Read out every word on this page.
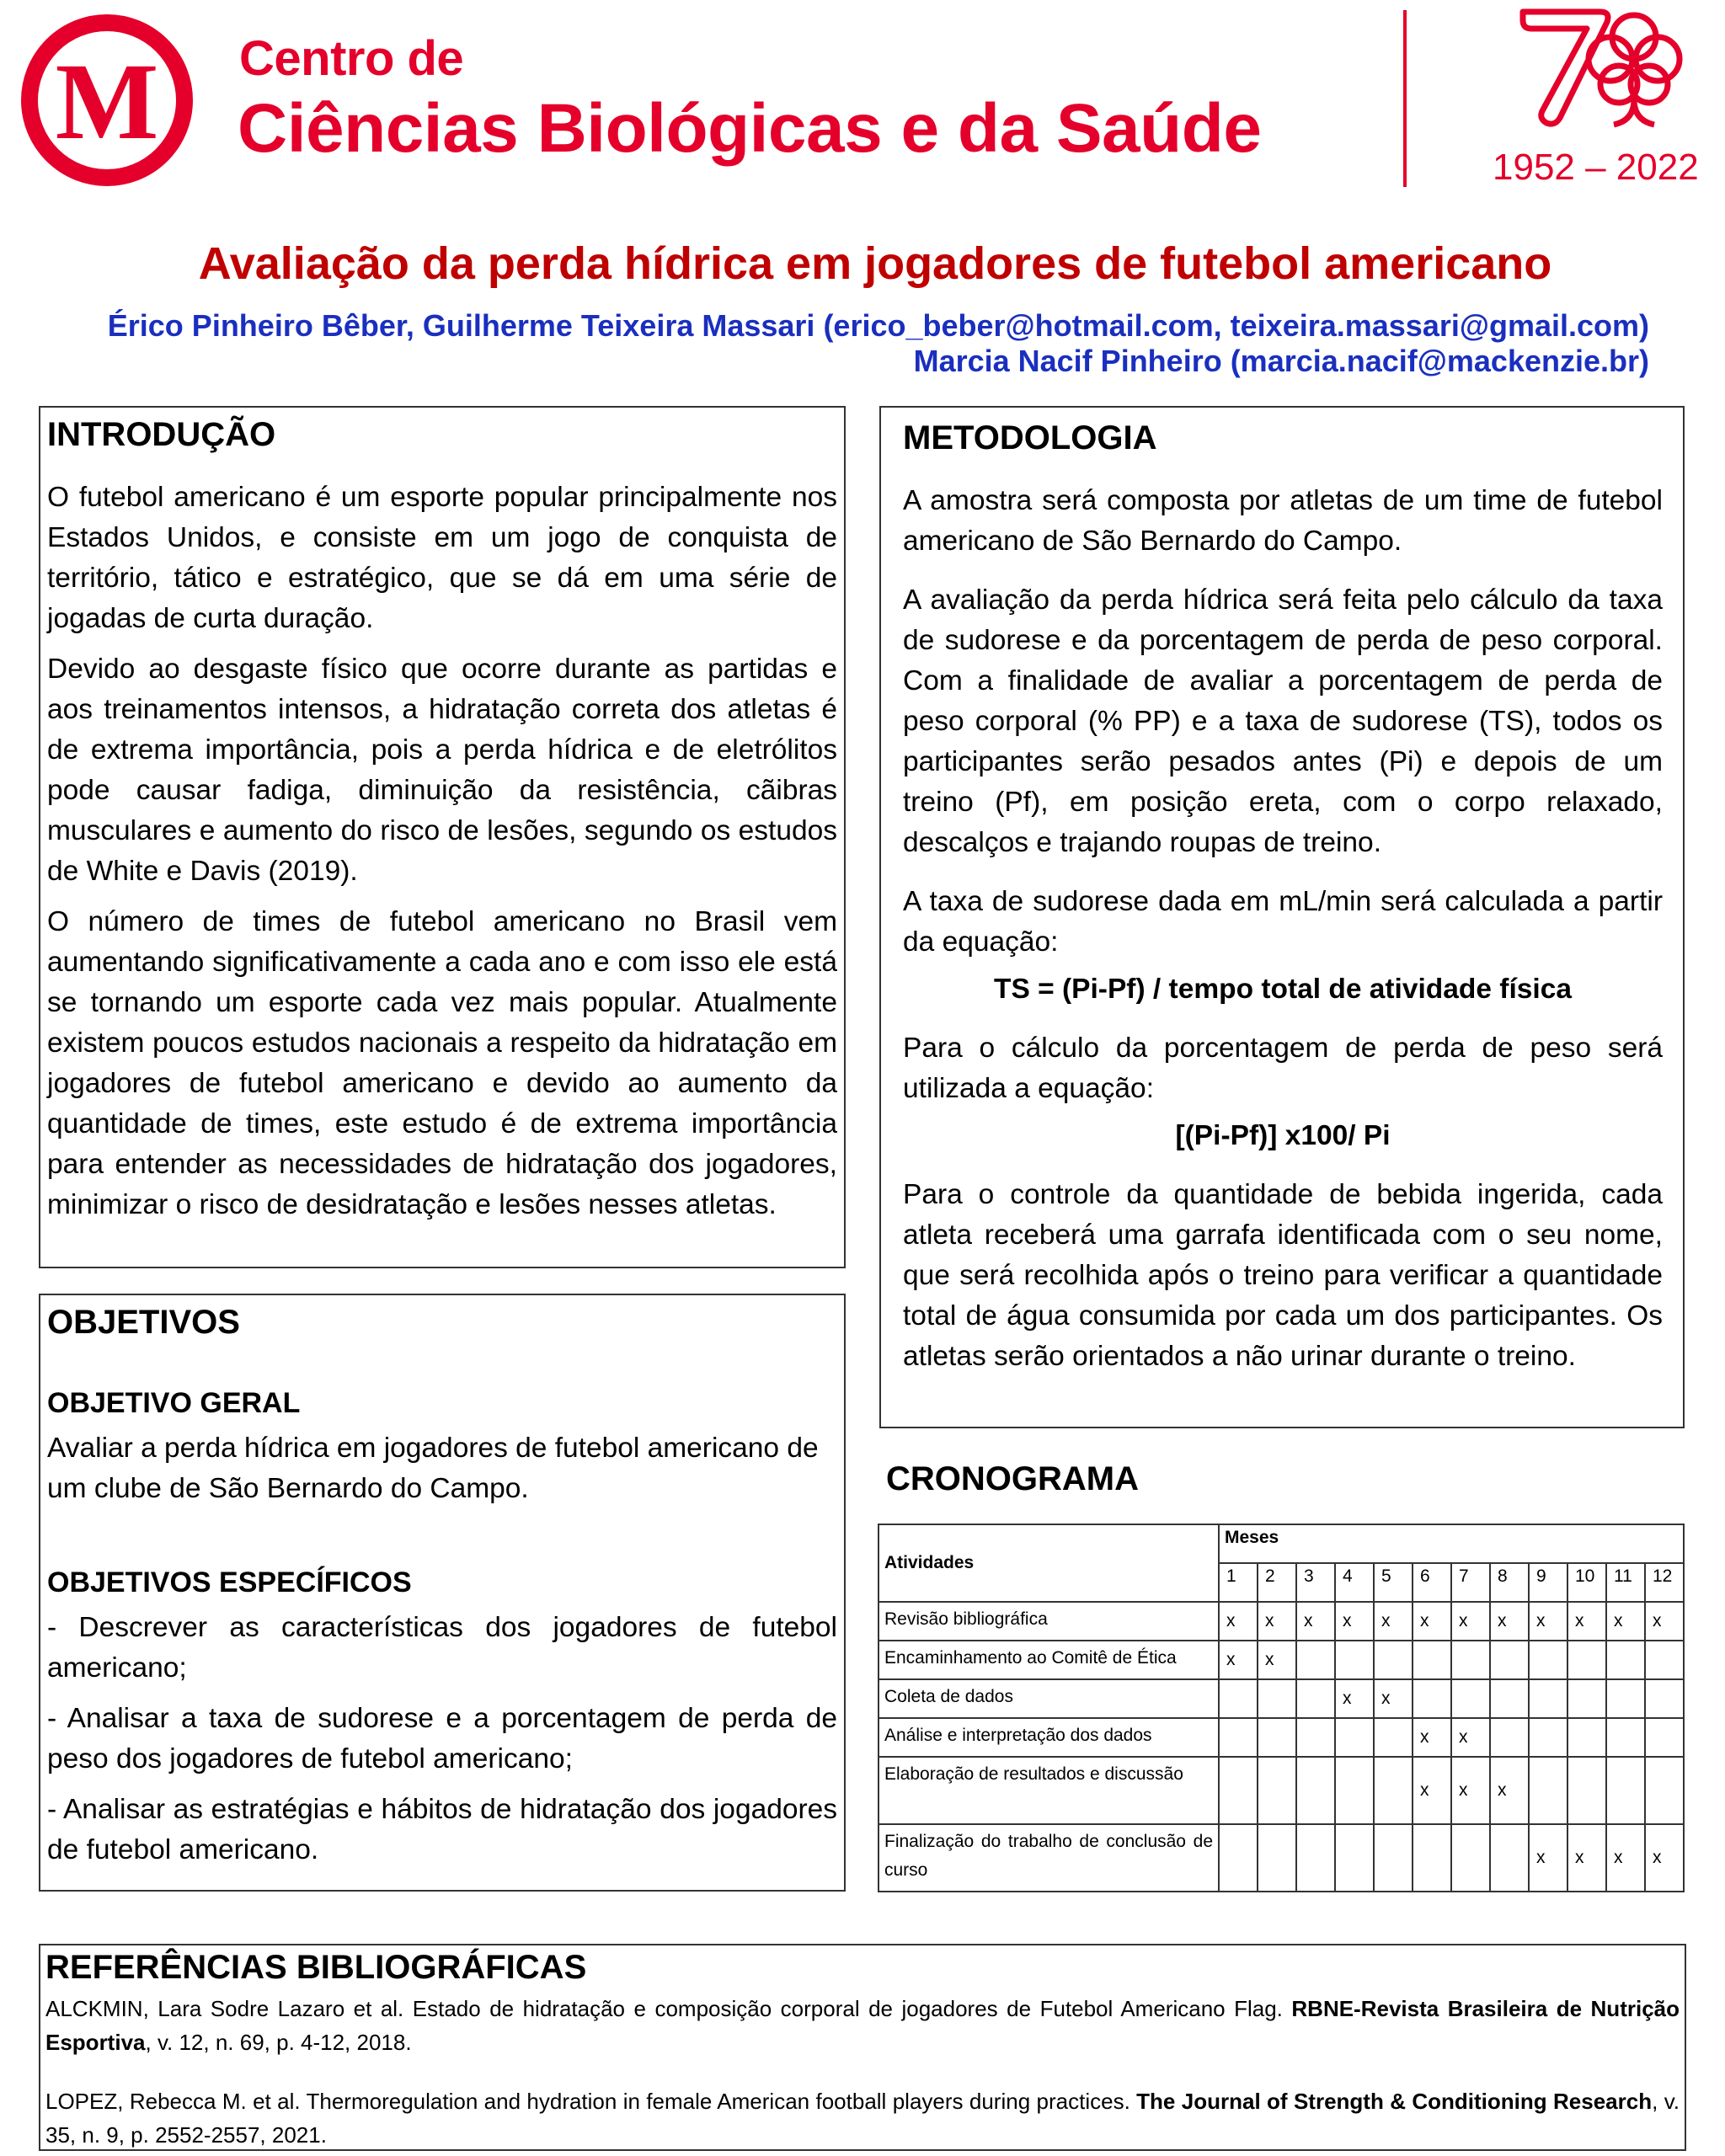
M Centro de
Ciências Biológicas e da Saúde
1952 – 2022
Avaliação da perda hídrica em jogadores de futebol americano
Érico Pinheiro Bêber, Guilherme Teixeira Massari (erico_beber@hotmail.com, teixeira.massari@gmail.com)
Marcia Nacif Pinheiro (marcia.nacif@mackenzie.br)
INTRODUÇÃO

O futebol americano é um esporte popular principalmente nos Estados Unidos, e consiste em um jogo de conquista de território, tático e estratégico, que se dá em uma série de jogadas de curta duração.

Devido ao desgaste físico que ocorre durante as partidas e aos treinamentos intensos, a hidratação correta dos atletas é de extrema importância, pois a perda hídrica e de eletrólitos pode causar fadiga, diminuição da resistência, cãibras musculares e aumento do risco de lesões, segundo os estudos de White e Davis (2019).

O número de times de futebol americano no Brasil vem aumentando significativamente a cada ano e com isso ele está se tornando um esporte cada vez mais popular. Atualmente existem poucos estudos nacionais a respeito da hidratação em jogadores de futebol americano e devido ao aumento da quantidade de times, este estudo é de extrema importância para entender as necessidades de hidratação dos jogadores, minimizar o risco de desidratação e lesões nesses atletas.

OBJETIVOS
OBJETIVO GERAL

Avaliar a perda hídrica em jogadores de futebol americano de um clube de São Bernardo do Campo.

OBJETIVOS ESPECÍFICOS

- Descrever as características dos jogadores de futebol americano;

- Analisar a taxa de sudorese e a porcentagem de perda de peso dos jogadores de futebol americano;

- Analisar as estratégias e hábitos de hidratação dos jogadores de futebol americano.

METODOLOGIA

A amostra será composta por atletas de um time de futebol americano de São Bernardo do Campo.

A avaliação da perda hídrica será feita pelo cálculo da taxa de sudorese e da porcentagem de perda de peso corporal. Com a finalidade de avaliar a porcentagem de perda de peso corporal (% PP) e a taxa de sudorese (TS), todos os participantes serão pesados antes (Pi) e depois de um treino (Pf), em posição ereta, com o corpo relaxado, descalços e trajando roupas de treino.

A taxa de sudorese dada em mL/min será calculada a partir da equação:

TS = (Pi-Pf) / tempo total de atividade física

Para o cálculo da porcentagem de perda de peso será utilizada a equação:

[(Pi-Pf)] x100/ Pi

Para o controle da quantidade de bebida ingerida, cada atleta receberá uma garrafa identificada com o seu nome, que será recolhida após o treino para verificar a quantidade total de água consumida por cada um dos participantes. Os atletas serão orientados a não urinar durante o treino.

CRONOGRAMA
Atividades	Meses											
	1	2	3	4	5	6	7	8	9	10	11	12
Revisão bibliográfica	x	x	x	x	x	x	x	x	x	x	x	x
Encaminhamento ao Comitê de Ética	x	x										
Coleta de dados				x	x							
Análise e interpretação dos dados						x	x					
Elaboração de resultados e discussão						x	x	x				
Finalização do trabalho de conclusão de curso									x	x	x	x
REFERÊNCIAS BIBLIOGRÁFICAS

ALCKMIN, Lara Sodre Lazaro et al. Estado de hidratação e composição corporal de jogadores de Futebol Americano Flag. RBNE-Revista Brasileira de Nutrição Esportiva, v. 12, n. 69, p. 4-12, 2018.

LOPEZ, Rebecca M. et al. Thermoregulation and hydration in female American football players during practices. The Journal of Strength & Conditioning Research, v. 35, n. 9, p. 2552-2557, 2021.
